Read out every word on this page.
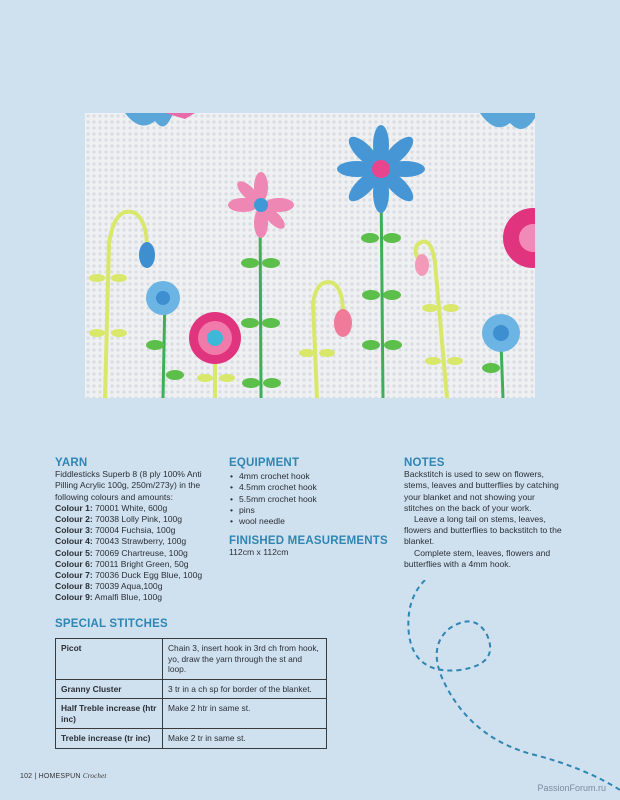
YARN

Fiddlesticks Superb 8 (8 ply 100% Anti Pilling Acrylic 100g, 250m/273y) in the following colours and amounts:

Colour 1: 70001 White, 600g
Colour 2: 70038 Lolly Pink, 100g
Colour 3: 70004 Fuchsia, 100g
Colour 4: 70043 Strawberry, 100g
Colour 5: 70069 Chartreuse, 100g
Colour 6: 70011 Bright Green, 50g
Colour 7: 70036 Duck Egg Blue, 100g
Colour 8: 70039 Aqua,100g
Colour 9: Amalfi Blue, 100g
EQUIPMENT
• 4mm crochet hook
• 4.5mm crochet hook
• 5.5mm crochet hook
• pins
• wool needle
FINISHED MEASUREMENTS

112cm x 112cm

NOTES

Backstitch is used to sew on flowers, stems, leaves and butterflies by catching your blanket and not showing your stitches on the back of your work.

Leave a long tail on stems, leaves, flowers and butterflies to backstitch to the blanket.

Complete stem, leaves, flowers and butterflies with a 4mm hook.

SPECIAL STITCHES
Picot	Chain 3, insert hook in 3rd ch from hook, yo, draw the yarn through the st and loop.
Granny Cluster	3 tr in a ch sp for border of the blanket.
Half Treble increase (htr inc)	Make 2 htr in same st.
Treble increase (tr inc)	Make 2 tr in same st.
102 | HOMESPUN Crochet
PassionForum.ru
